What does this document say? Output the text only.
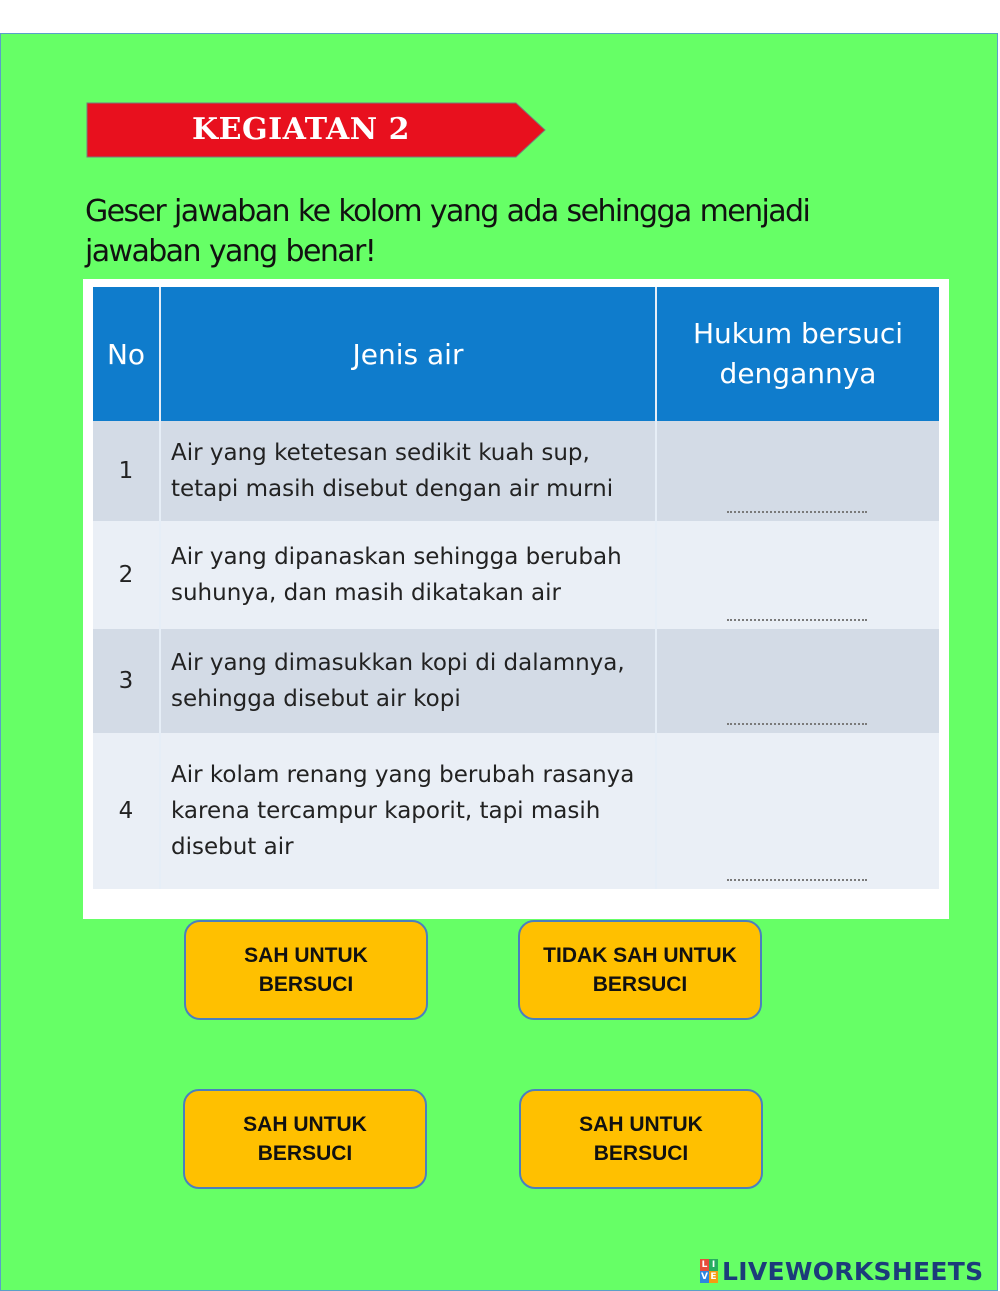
KEGIATAN 2
Geser jawaban ke kolom yang ada sehingga menjadi jawaban yang benar!
No	Jenis air	Hukum bersuci dengannya
1	Air yang ketetesan sedikit kuah sup, tetapi masih disebut dengan air murni	

2	Air yang dipanaskan sehingga berubah suhunya, dan masih dikatakan air	

3	Air yang dimasukkan kopi di dalamnya, sehingga disebut air kopi	

4	Air kolam renang yang berubah rasanya karena tercampur kaporit, tapi masih disebut air	
SAH UNTUK BERSUCI
TIDAK SAH UNTUK BERSUCI
SAH UNTUK BERSUCI
SAH UNTUK BERSUCI
L I
V E LIVEWORKSHEETS
